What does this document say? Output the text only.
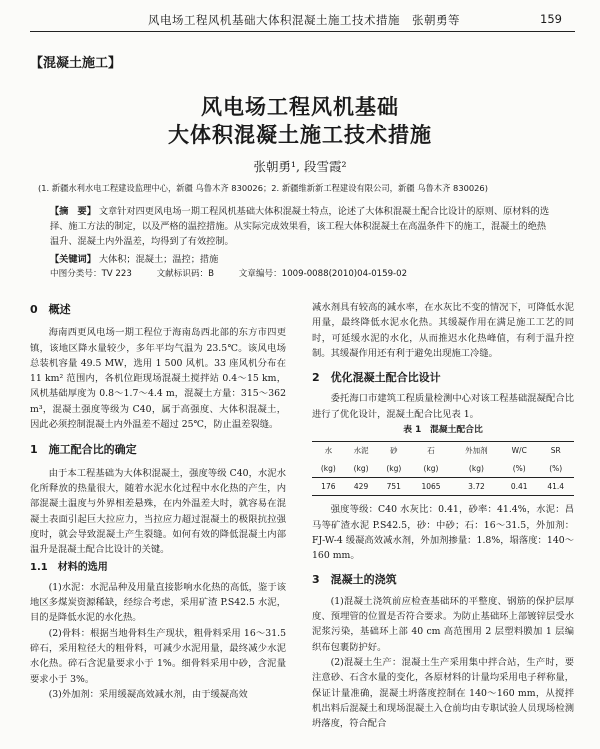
风电场工程风机基础大体积混凝土施工技术措施　张朝勇等	159
【混凝土施工】
风电场工程风机基础
大体积混凝土施工技术措施
张朝勇¹, 段雪霞²
(1. 新疆水利水电工程建设监理中心，新疆 乌鲁木齐 830026；2. 新疆维新新工程建设有限公司，新疆 乌鲁木齐 830026)
【摘　要】 文章针对四更风电场一期工程风机基础大体积混凝土特点，论述了大体积混凝土配合比设计的原则、原材料的选择、施工方法的制定，以及严格的温控措施。从实际完成效果看，该工程大体积混凝土在高温条件下的施工，混凝土的绝热温升、混凝土内外温差，均得到了有效控制。
【关键词】 大体积；混凝土；温控；措施
中图分类号：TV 223	文献标识码：B	文章编号：1009-0088(2010)04-0159-02
0　概述

海南西更风电场一期工程位于海南岛西北部的东方市四更镇，该地区降水量较少，多年平均气温为 23.5℃。该风电场总装机容量 49.5 MW，选用 1 500 风机。33 座风机分布在 11 km² 范围内，各机位距现场混凝土搅拌站 0.4～15 km，风机基础厚度为 0.8～1.7～4.4 m，混凝土方量：315～362 m³，混凝土强度等级为 C40，属于高强度、大体积混凝土，因此必须控制混凝土内外温差不超过 25℃，防止温差裂缝。

1　施工配合比的确定

由于本工程基础为大体积混凝土，强度等级 C40，水泥水化所释放的热量很大，随着水泥水化过程中水化热的产生，内部混凝土温度与外界相差悬殊，在内外温差大时，就容易在混凝土表面引起巨大拉应力，当拉应力超过混凝土的极限抗拉强度时，就会导致混凝土产生裂缝。如何有效的降低混凝土内部温升是混凝土配合比设计的关键。

1.1　材料的选用

(1)水泥：水泥品种及用量直接影响水化热的高低，鉴于该地区多煤炭资源稀缺，经综合考虑，采用矿渣 P.S42.5 水泥，目的是降低水泥的水化热。

(2)骨料：根据当地骨料生产现状，粗骨料采用 16～31.5 碎石，采用粒径大的粗骨料，可减少水泥用量，最终减少水泥水化热。碎石含泥量要求小于 1%。细骨料采用中砂，含泥量要求小于 3%。

(3)外加剂：采用缓凝高效减水剂，由于缓凝高效

减水剂具有较高的减水率，在水灰比不变的情况下，可降低水泥用量，最终降低水泥水化热。其缓凝作用在满足施工工艺的同时，可延缓水泥的水化，从而推迟水化热峰值，有利于温升控制。其缓凝作用还有利于避免出现施工冷缝。

2　优化混凝土配合比设计

委托海口市建筑工程质量检测中心对该工程基础混凝配合比进行了优化设计，混凝土配合比见表 1。

表 1　混凝土配合比
水	水泥	砂	石	外加剂	W/C	SR
(kg)	(kg)	(kg)	(kg)	(kg)	(%)	(%)
176	429	751	1065	3.72	0.41	41.4

强度等级：C40 水灰比：0.41，砂率：41.4%，水泥：昌马等矿渣水泥 P.S42.5，砂：中砂；石：16～31.5，外加剂：FJ-W-4 缓凝高效减水剂，外加剂掺量：1.8%，塌落度：140～160 mm。

3　混凝土的浇筑

(1)混凝土浇筑前应检查基础环的平整度、钢筋的保护层厚度、预埋管的位置是否符合要求。为防止基础环上部镀锌层受水泥浆污染，基础环上部 40 cm 高范围用 2 层塑料膜加 1 层编织布包裹防护好。

(2)混凝土生产：混凝土生产采用集中拌合站，生产时，要注意砂、石含水量的变化，各原材料的计量均采用电子秤称量，保证计量准确，混凝土坍落度控制在 140～160 mm，从搅拌机出料后混凝土和现场混凝土入仓前均由专职试验人员现场检测坍落度，符合配合
